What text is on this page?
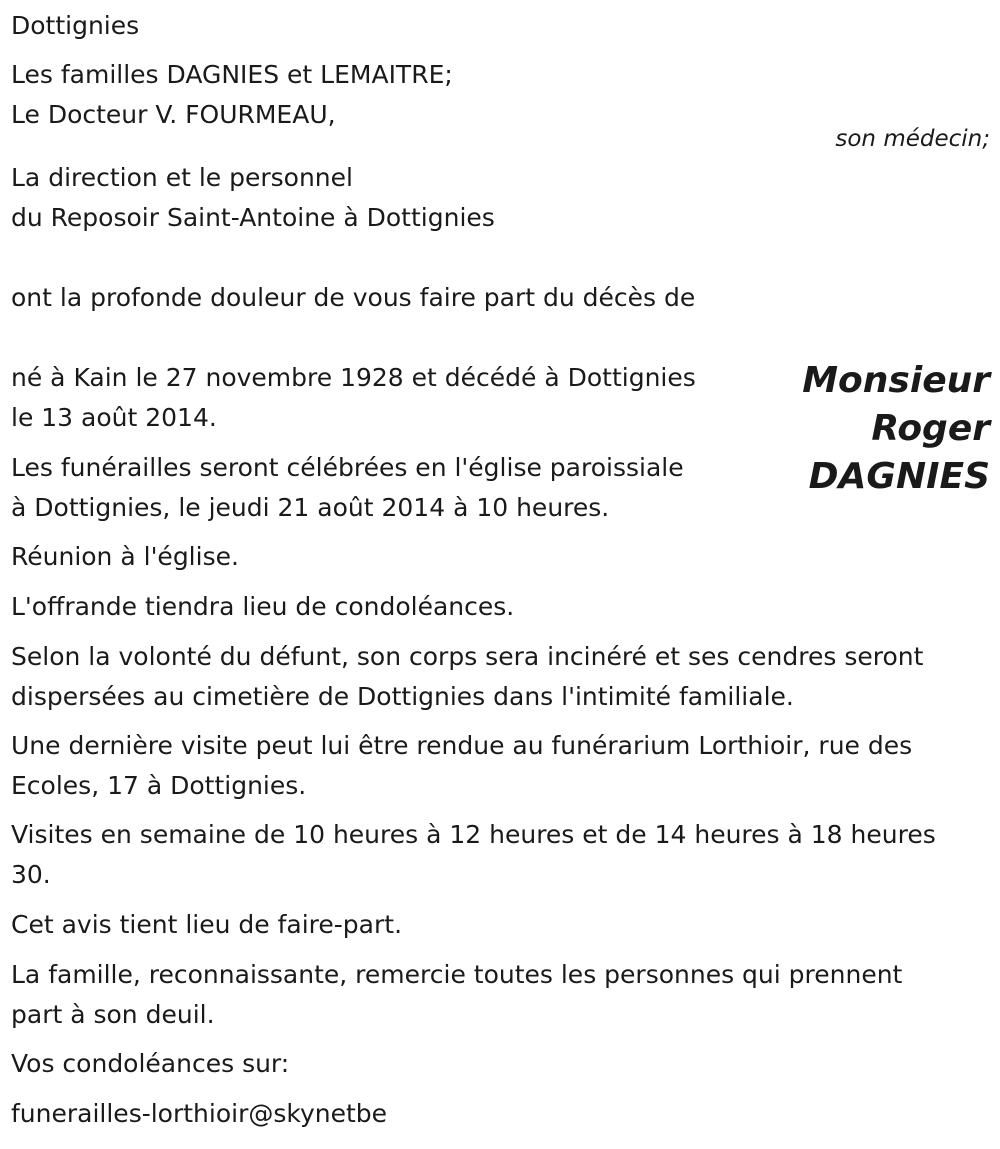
Dottignies
Les familles DAGNIES et LEMAITRE;
Le Docteur V. FOURMEAU,
son médecin;
La direction et le personnel
du Reposoir Saint-Antoine à Dottignies
ont la profonde douleur de vous faire part du décès de
Monsieur
Roger
DAGNIES
né à Kain le 27 novembre 1928 et décédé à Dottignies
le 13 août 2014.
Les funérailles seront célébrées en l'église paroissiale
à Dottignies, le jeudi 21 août 2014 à 10 heures.
Réunion à l'église.
L'offrande tiendra lieu de condoléances.
Selon la volonté du défunt, son corps sera incinéré et ses cendres seront
dispersées au cimetière de Dottignies dans l'intimité familiale.
Une dernière visite peut lui être rendue au funérarium Lorthioir, rue des
Ecoles, 17 à Dottignies.
Visites en semaine de 10 heures à 12 heures et de 14 heures à 18 heures
30.
Cet avis tient lieu de faire-part.
La famille, reconnaissante, remercie toutes les personnes qui prennent
part à son deuil.
Vos condoléances sur:
funerailles-lorthioir@skynetbe
